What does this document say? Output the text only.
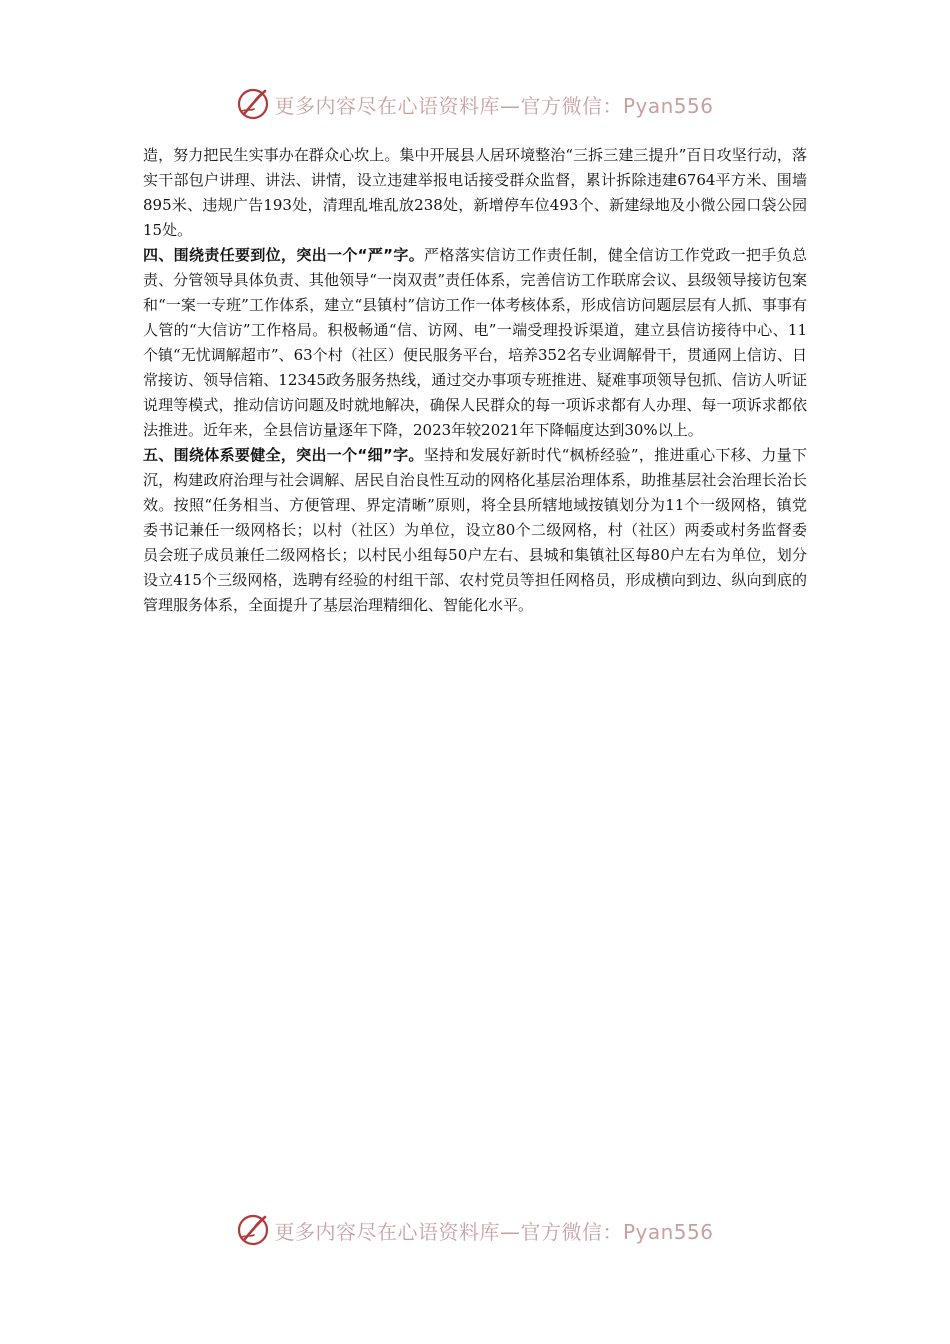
更多内容尽在心语资料库—官方微信：Pyan556

造，努力把民生实事办在群众心坎上。集中开展县人居环境整治“三拆三建三提升”百日攻坚行动，落实干部包户讲理、讲法、讲情，设立违建举报电话接受群众监督，累计拆除违建6764平方米、围墙895米、违规广告193处，清理乱堆乱放238处，新增停车位493个、新建绿地及小微公园口袋公园15处。

四、围绕责任要到位，突出一个“严”字。严格落实信访工作责任制，健全信访工作党政一把手负总责、分管领导具体负责、其他领导“一岗双责”责任体系，完善信访工作联席会议、县级领导接访包案和“一案一专班”工作体系，建立“县镇村”信访工作一体考核体系，形成信访问题层层有人抓、事事有人管的“大信访”工作格局。积极畅通“信、访网、电”一端受理投诉渠道，建立县信访接待中心、11个镇“无忧调解超市”、63个村（社区）便民服务平台，培养352名专业调解骨干，贯通网上信访、日常接访、领导信箱、12345政务服务热线，通过交办事项专班推进、疑难事项领导包抓、信访人听证说理等模式，推动信访问题及时就地解决，确保人民群众的每一项诉求都有人办理、每一项诉求都依法推进。近年来，全县信访量逐年下降，2023年较2021年下降幅度达到30%以上。

五、围绕体系要健全，突出一个“细”字。坚持和发展好新时代“枫桥经验”，推进重心下移、力量下沉，构建政府治理与社会调解、居民自治良性互动的网格化基层治理体系，助推基层社会治理长治长效。按照“任务相当、方便管理、界定清晰”原则，将全县所辖地域按镇划分为11个一级网格，镇党委书记兼任一级网格长；以村（社区）为单位，设立80个二级网格，村（社区）两委或村务监督委员会班子成员兼任二级网格长；以村民小组每50户左右、县城和集镇社区每80户左右为单位，划分设立415个三级网格，选聘有经验的村组干部、农村党员等担任网格员，形成横向到边、纵向到底的管理服务体系，全面提升了基层治理精细化、智能化水平。

更多内容尽在心语资料库—官方微信：Pyan556
